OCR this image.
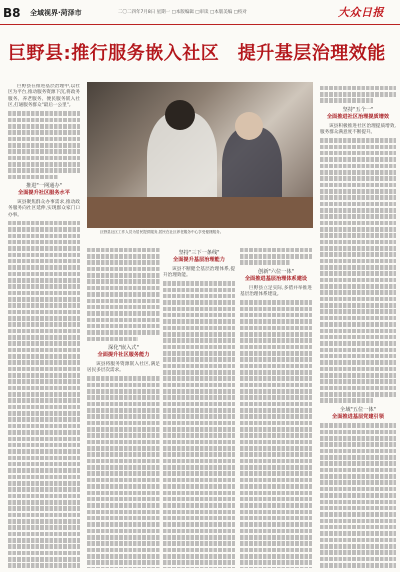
B8 全域视界·菏泽市	二〇二四年7月8日 星期一 □本版编辑 □审读 □本版美编 □校对	大众日报
巨野县:推行服务嵌入社区　提升基层治理效能
巨野县社区工作人员为居民提供服务,居民在社区养老服务中心享受便捷服务。

巨野县在推进基层治理中,以社区为平台,推动服务资源下沉,将政务服务、养老服务、便民服务嵌入社区,打通服务群众"最后一公里"。

推进"一网通办"
全面提升社区服务水平

该县聚焦群众办事需求,推动政务服务向社区延伸,实现群众家门口办事。

深化"嵌入式"
全面提升社区服务能力

该县将服务资源嵌入社区,满足居民多层次需求。

坚持"三下一条线"
全面提升基层治理能力

该县不断健全基层治理体系,提升治理效能。

创新"六位一体"
全面推进基层治理体系建设

巨野县立足实际,多措并举推进基层治理体系建设。

坚持"五个一"
全面推进社区治理提质增效

该县积极推进社区治理提质增效,服务群众满意度不断提升。

全域"五位一体"
全面推进基层党建引领
